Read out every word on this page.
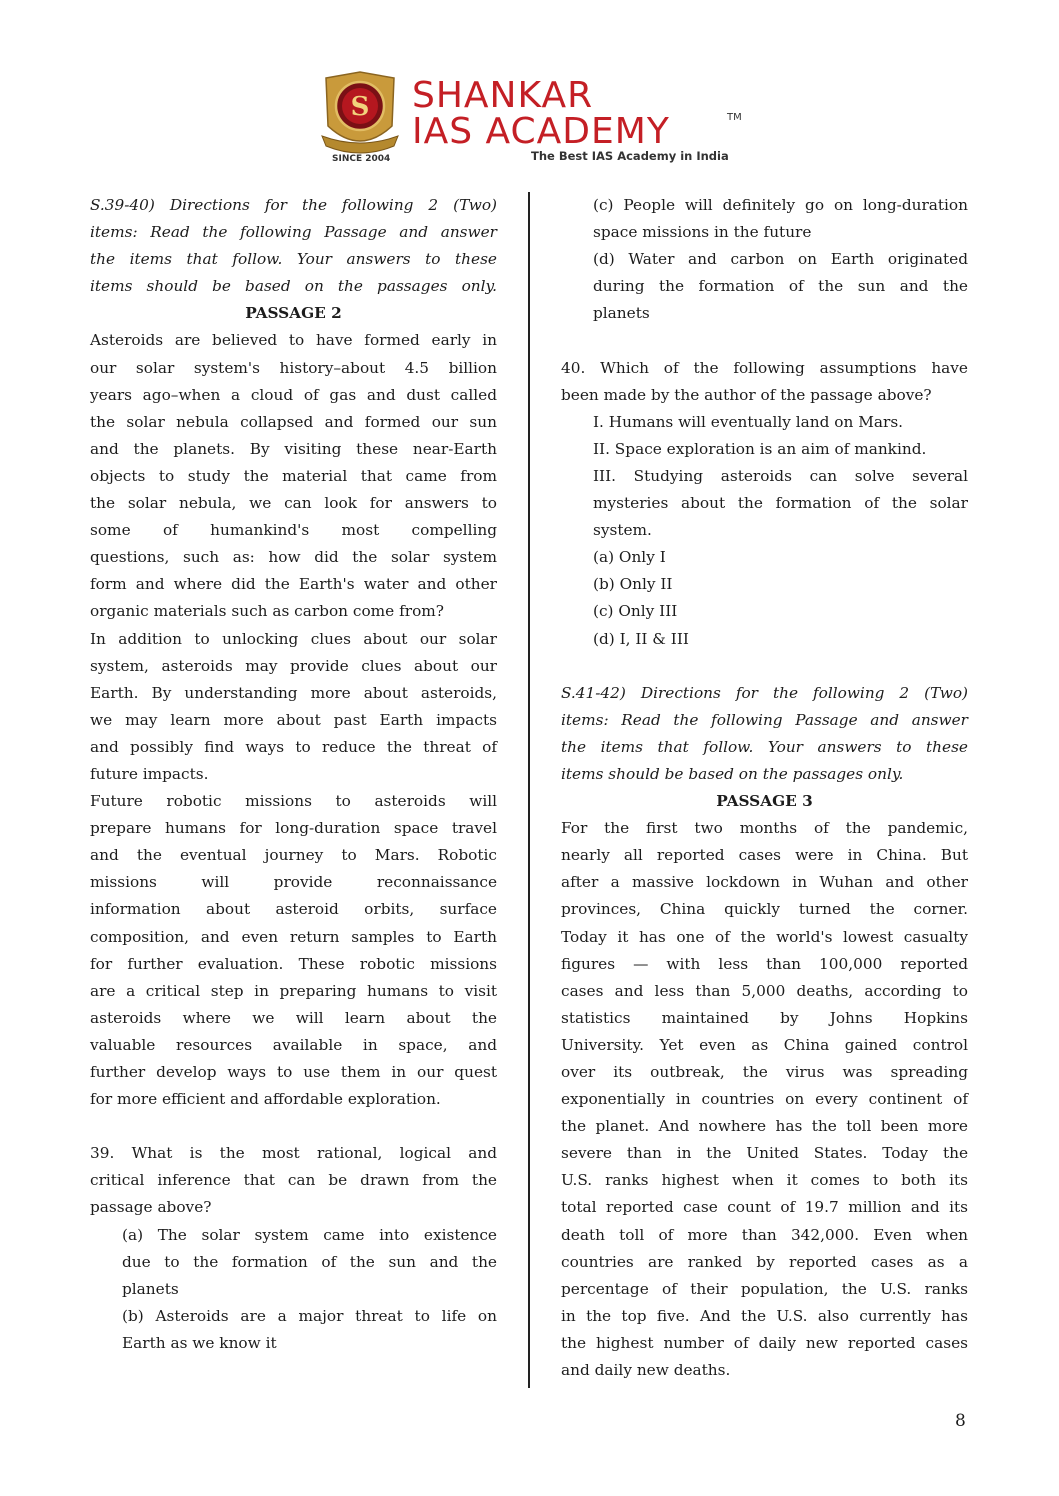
S SHANKAR
IAS ACADEMY	TM
SINCE 2004	The Best IAS Academy in India

S.39-40) Directions for the following 2 (Two)

items: Read the following Passage and answer

the items that follow. Your answers to these

items should be based on the passages only.

PASSAGE 2

Asteroids are believed to have formed early in

our solar system's history–about 4.5 billion

years ago–when a cloud of gas and dust called

the solar nebula collapsed and formed our sun

and the planets. By visiting these near-Earth

objects to study the material that came from

the solar nebula, we can look for answers to

some of humankind's most compelling

questions, such as: how did the solar system

form and where did the Earth's water and other

organic materials such as carbon come from?

In addition to unlocking clues about our solar

system, asteroids may provide clues about our

Earth. By understanding more about asteroids,

we may learn more about past Earth impacts

and possibly find ways to reduce the threat of

future impacts.

Future robotic missions to asteroids will

prepare humans for long-duration space travel

and the eventual journey to Mars. Robotic

missions will provide reconnaissance

information about asteroid orbits, surface

composition, and even return samples to Earth

for further evaluation. These robotic missions

are a critical step in preparing humans to visit

asteroids where we will learn about the

valuable resources available in space, and

further develop ways to use them in our quest

for more efficient and affordable exploration.

39. What is the most rational, logical and

critical inference that can be drawn from the

passage above?

(a) The solar system came into existence

due to the formation of the sun and the

planets

(b) Asteroids are a major threat to life on

Earth as we know it

(c) People will definitely go on long-duration

space missions in the future

(d) Water and carbon on Earth originated

during the formation of the sun and the

planets

40. Which of the following assumptions have

been made by the author of the passage above?

I. Humans will eventually land on Mars.

II. Space exploration is an aim of mankind.

III. Studying asteroids can solve several

mysteries about the formation of the solar

system.

(a) Only I

(b) Only II

(c) Only III

(d) I, II & III

S.41-42) Directions for the following 2 (Two)

items: Read the following Passage and answer

the items that follow. Your answers to these

items should be based on the passages only.

PASSAGE 3

For the first two months of the pandemic,

nearly all reported cases were in China. But

after a massive lockdown in Wuhan and other

provinces, China quickly turned the corner.

Today it has one of the world's lowest casualty

figures — with less than 100,000 reported

cases and less than 5,000 deaths, according to

statistics maintained by Johns Hopkins

University. Yet even as China gained control

over its outbreak, the virus was spreading

exponentially in countries on every continent of

the planet. And nowhere has the toll been more

severe than in the United States. Today the

U.S. ranks highest when it comes to both its

total reported case count of 19.7 million and its

death toll of more than 342,000. Even when

countries are ranked by reported cases as a

percentage of their population, the U.S. ranks

in the top five. And the U.S. also currently has

the highest number of daily new reported cases

and daily new deaths.

8
